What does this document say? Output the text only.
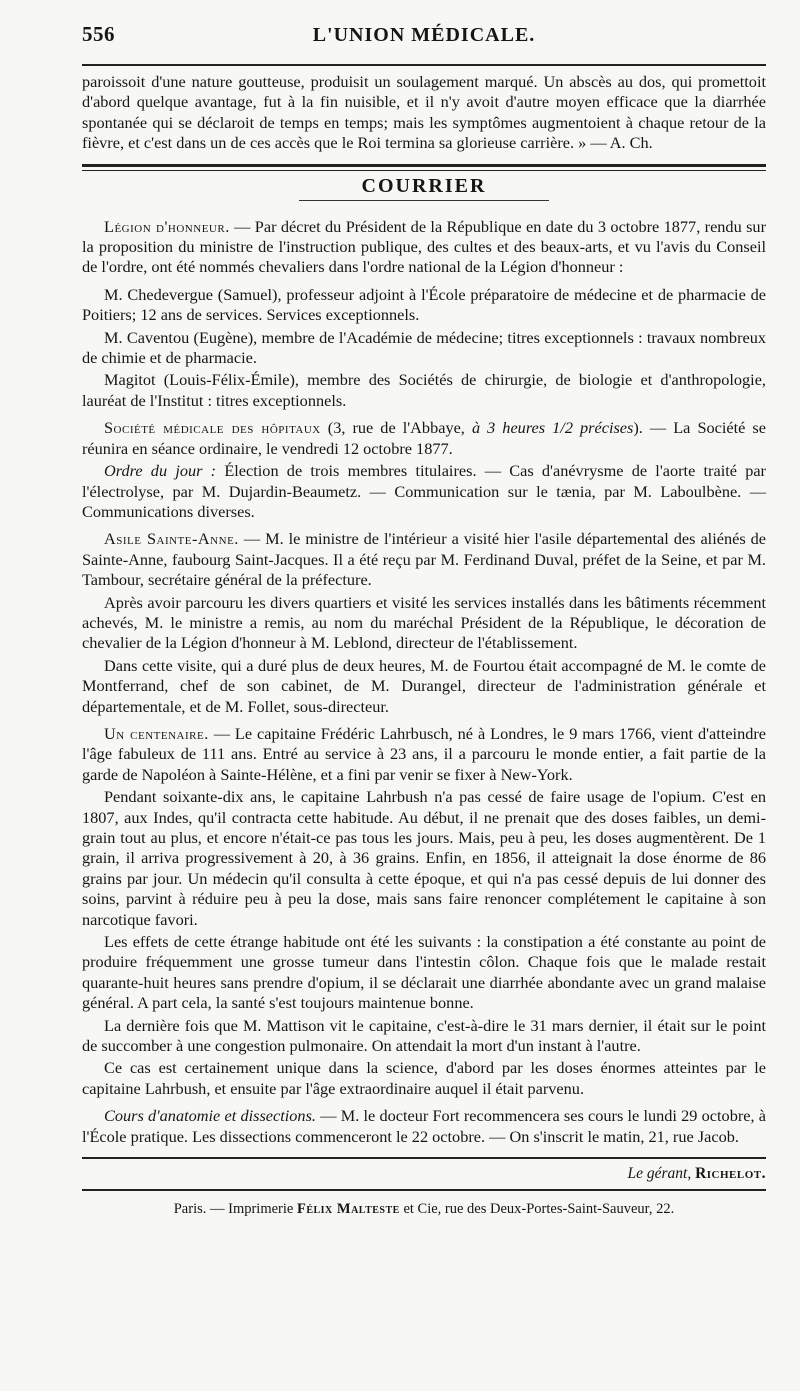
556	L'UNION MÉDICALE.

paroissoit d'une nature goutteuse, produisit un soulagement marqué. Un abscès au dos, qui promettoit d'abord quelque avantage, fut à la fin nuisible, et il n'y avoit d'autre moyen efficace que la diarrhée spontanée qui se déclaroit de temps en temps; mais les symptômes augmentoient à chaque retour de la fièvre, et c'est dans un de ces accès que le Roi termina sa glorieuse carrière. » — A. Ch.

COURRIER

Légion d'honneur. — Par décret du Président de la République en date du 3 octobre 1877, rendu sur la proposition du ministre de l'instruction publique, des cultes et des beaux-arts, et vu l'avis du Conseil de l'ordre, ont été nommés chevaliers dans l'ordre national de la Légion d'honneur :

M. Chedevergue (Samuel), professeur adjoint à l'École préparatoire de médecine et de pharmacie de Poitiers; 12 ans de services. Services exceptionnels.

M. Caventou (Eugène), membre de l'Académie de médecine; titres exceptionnels : travaux nombreux de chimie et de pharmacie.

Magitot (Louis-Félix-Émile), membre des Sociétés de chirurgie, de biologie et d'anthropologie, lauréat de l'Institut : titres exceptionnels.

Société médicale des hôpitaux (3, rue de l'Abbaye, à 3 heures 1/2 précises). — La Société se réunira en séance ordinaire, le vendredi 12 octobre 1877.

Ordre du jour : Élection de trois membres titulaires. — Cas d'anévrysme de l'aorte traité par l'électrolyse, par M. Dujardin-Beaumetz. — Communication sur le tænia, par M. Laboulbène. — Communications diverses.

Asile Sainte-Anne. — M. le ministre de l'intérieur a visité hier l'asile départemental des aliénés de Sainte-Anne, faubourg Saint-Jacques. Il a été reçu par M. Ferdinand Duval, préfet de la Seine, et par M. Tambour, secrétaire général de la préfecture.

Après avoir parcouru les divers quartiers et visité les services installés dans les bâtiments récemment achevés, M. le ministre a remis, au nom du maréchal Président de la République, le décoration de chevalier de la Légion d'honneur à M. Leblond, directeur de l'établissement.

Dans cette visite, qui a duré plus de deux heures, M. de Fourtou était accompagné de M. le comte de Montferrand, chef de son cabinet, de M. Durangel, directeur de l'administration générale et départementale, et de M. Follet, sous-directeur.

Un centenaire. — Le capitaine Frédéric Lahrbusch, né à Londres, le 9 mars 1766, vient d'atteindre l'âge fabuleux de 111 ans. Entré au service à 23 ans, il a parcouru le monde entier, a fait partie de la garde de Napoléon à Sainte-Hélène, et a fini par venir se fixer à New-York.

Pendant soixante-dix ans, le capitaine Lahrbush n'a pas cessé de faire usage de l'opium. C'est en 1807, aux Indes, qu'il contracta cette habitude. Au début, il ne prenait que des doses faibles, un demi-grain tout au plus, et encore n'était-ce pas tous les jours. Mais, peu à peu, les doses augmentèrent. De 1 grain, il arriva progressivement à 20, à 36 grains. Enfin, en 1856, il atteignait la dose énorme de 86 grains par jour. Un médecin qu'il consulta à cette époque, et qui n'a pas cessé depuis de lui donner des soins, parvint à réduire peu à peu la dose, mais sans faire renoncer complétement le capitaine à son narcotique favori.

Les effets de cette étrange habitude ont été les suivants : la constipation a été constante au point de produire fréquemment une grosse tumeur dans l'intestin côlon. Chaque fois que le malade restait quarante-huit heures sans prendre d'opium, il se déclarait une diarrhée abondante avec un grand malaise général. A part cela, la santé s'est toujours maintenue bonne.

La dernière fois que M. Mattison vit le capitaine, c'est-à-dire le 31 mars dernier, il était sur le point de succomber à une congestion pulmonaire. On attendait la mort d'un instant à l'autre.

Ce cas est certainement unique dans la science, d'abord par les doses énormes atteintes par le capitaine Lahrbush, et ensuite par l'âge extraordinaire auquel il était parvenu.

Cours d'anatomie et dissections. — M. le docteur Fort recommencera ses cours le lundi 29 octobre, à l'École pratique. Les dissections commenceront le 22 octobre. — On s'inscrit le matin, 21, rue Jacob.

Le gérant, Richelot.
Paris. — Imprimerie Félix Malteste et Cie, rue des Deux-Portes-Saint-Sauveur, 22.
